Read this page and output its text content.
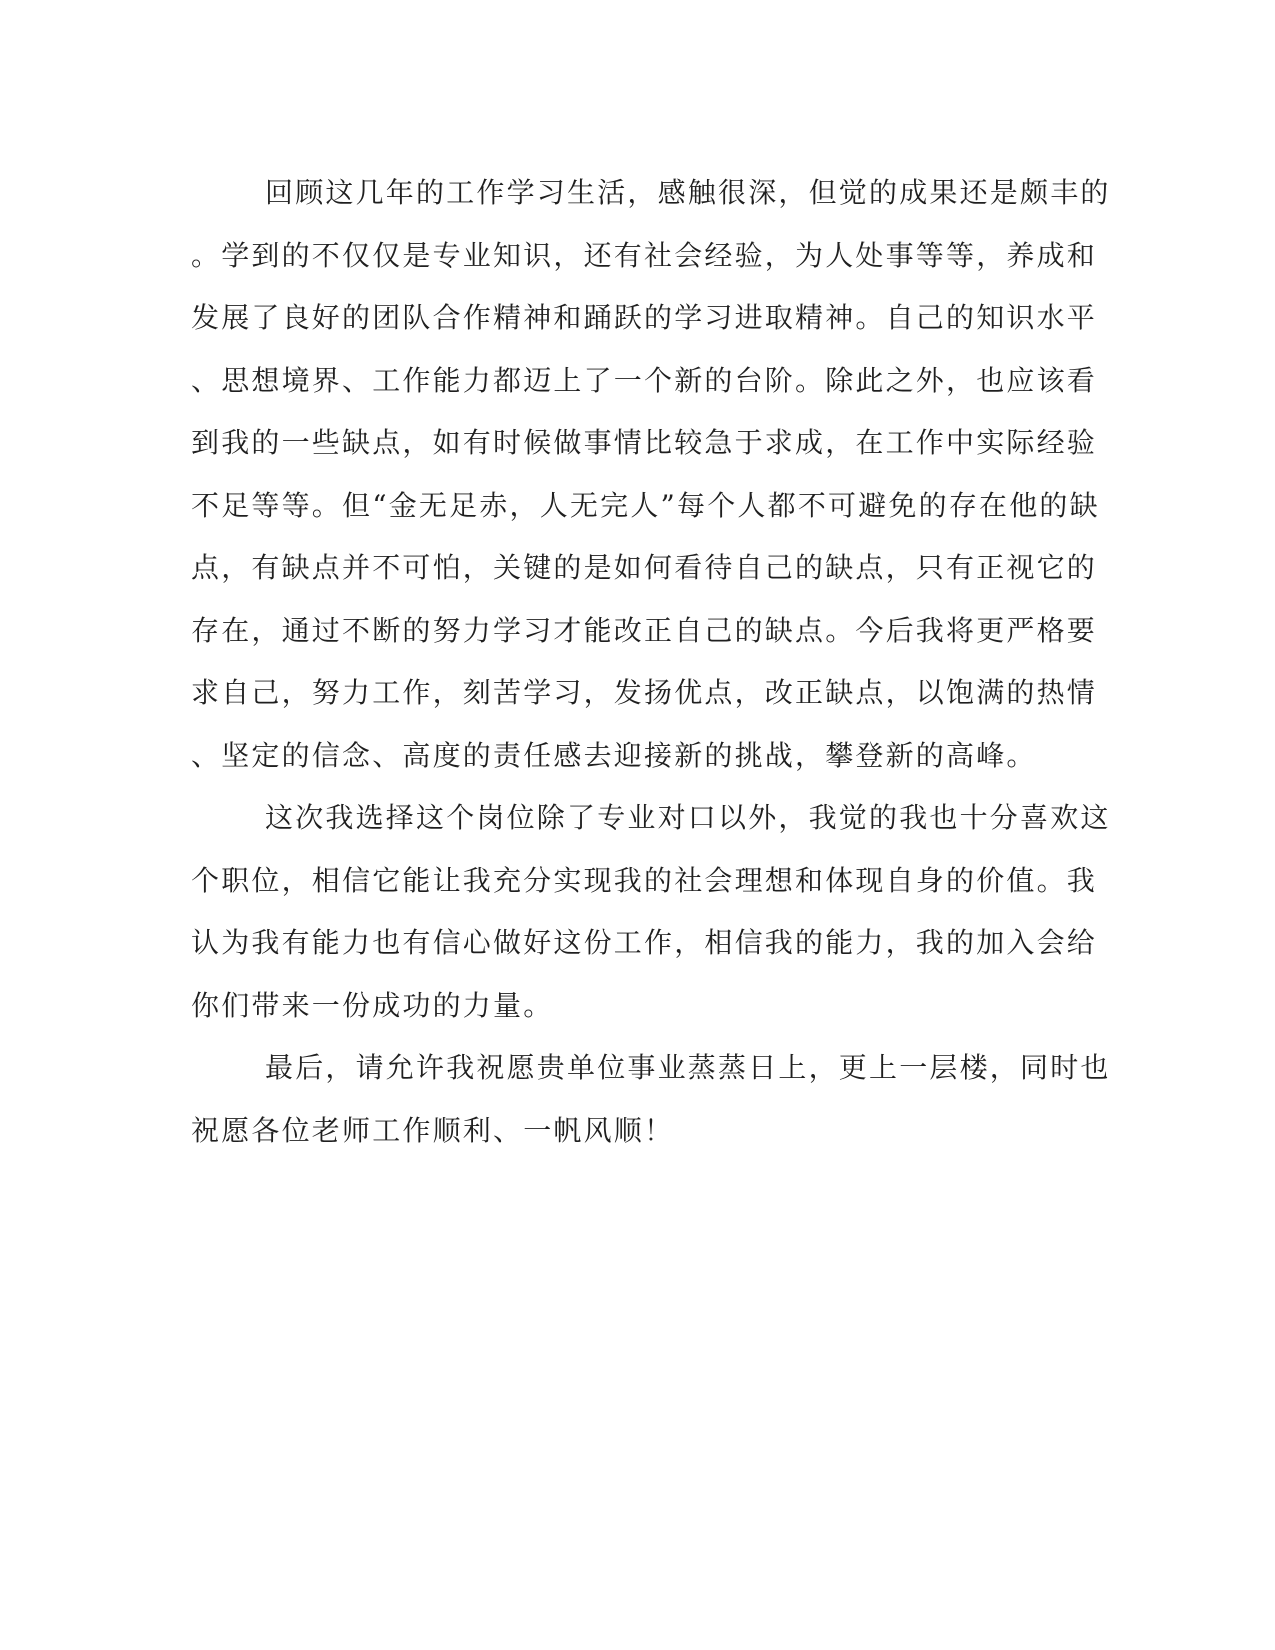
回顾这几年的工作学习生活，感触很深，但觉的成果还是颇丰的
。学到的不仅仅是专业知识，还有社会经验，为人处事等等，养成和
发展了良好的团队合作精神和踊跃的学习进取精神。自己的知识水平
、思想境界、工作能力都迈上了一个新的台阶。除此之外，也应该看
到我的一些缺点，如有时候做事情比较急于求成，在工作中实际经验
不足等等。但“金无足赤，人无完人”每个人都不可避免的存在他的缺
点，有缺点并不可怕，关键的是如何看待自己的缺点，只有正视它的
存在，通过不断的努力学习才能改正自己的缺点。今后我将更严格要
求自己，努力工作，刻苦学习，发扬优点，改正缺点，以饱满的热情
、坚定的信念、高度的责任感去迎接新的挑战，攀登新的高峰。
这次我选择这个岗位除了专业对口以外，我觉的我也十分喜欢这
个职位，相信它能让我充分实现我的社会理想和体现自身的价值。我
认为我有能力也有信心做好这份工作，相信我的能力，我的加入会给
你们带来一份成功的力量。
最后，请允许我祝愿贵单位事业蒸蒸日上，更上一层楼，同时也
祝愿各位老师工作顺利、一帆风顺！
